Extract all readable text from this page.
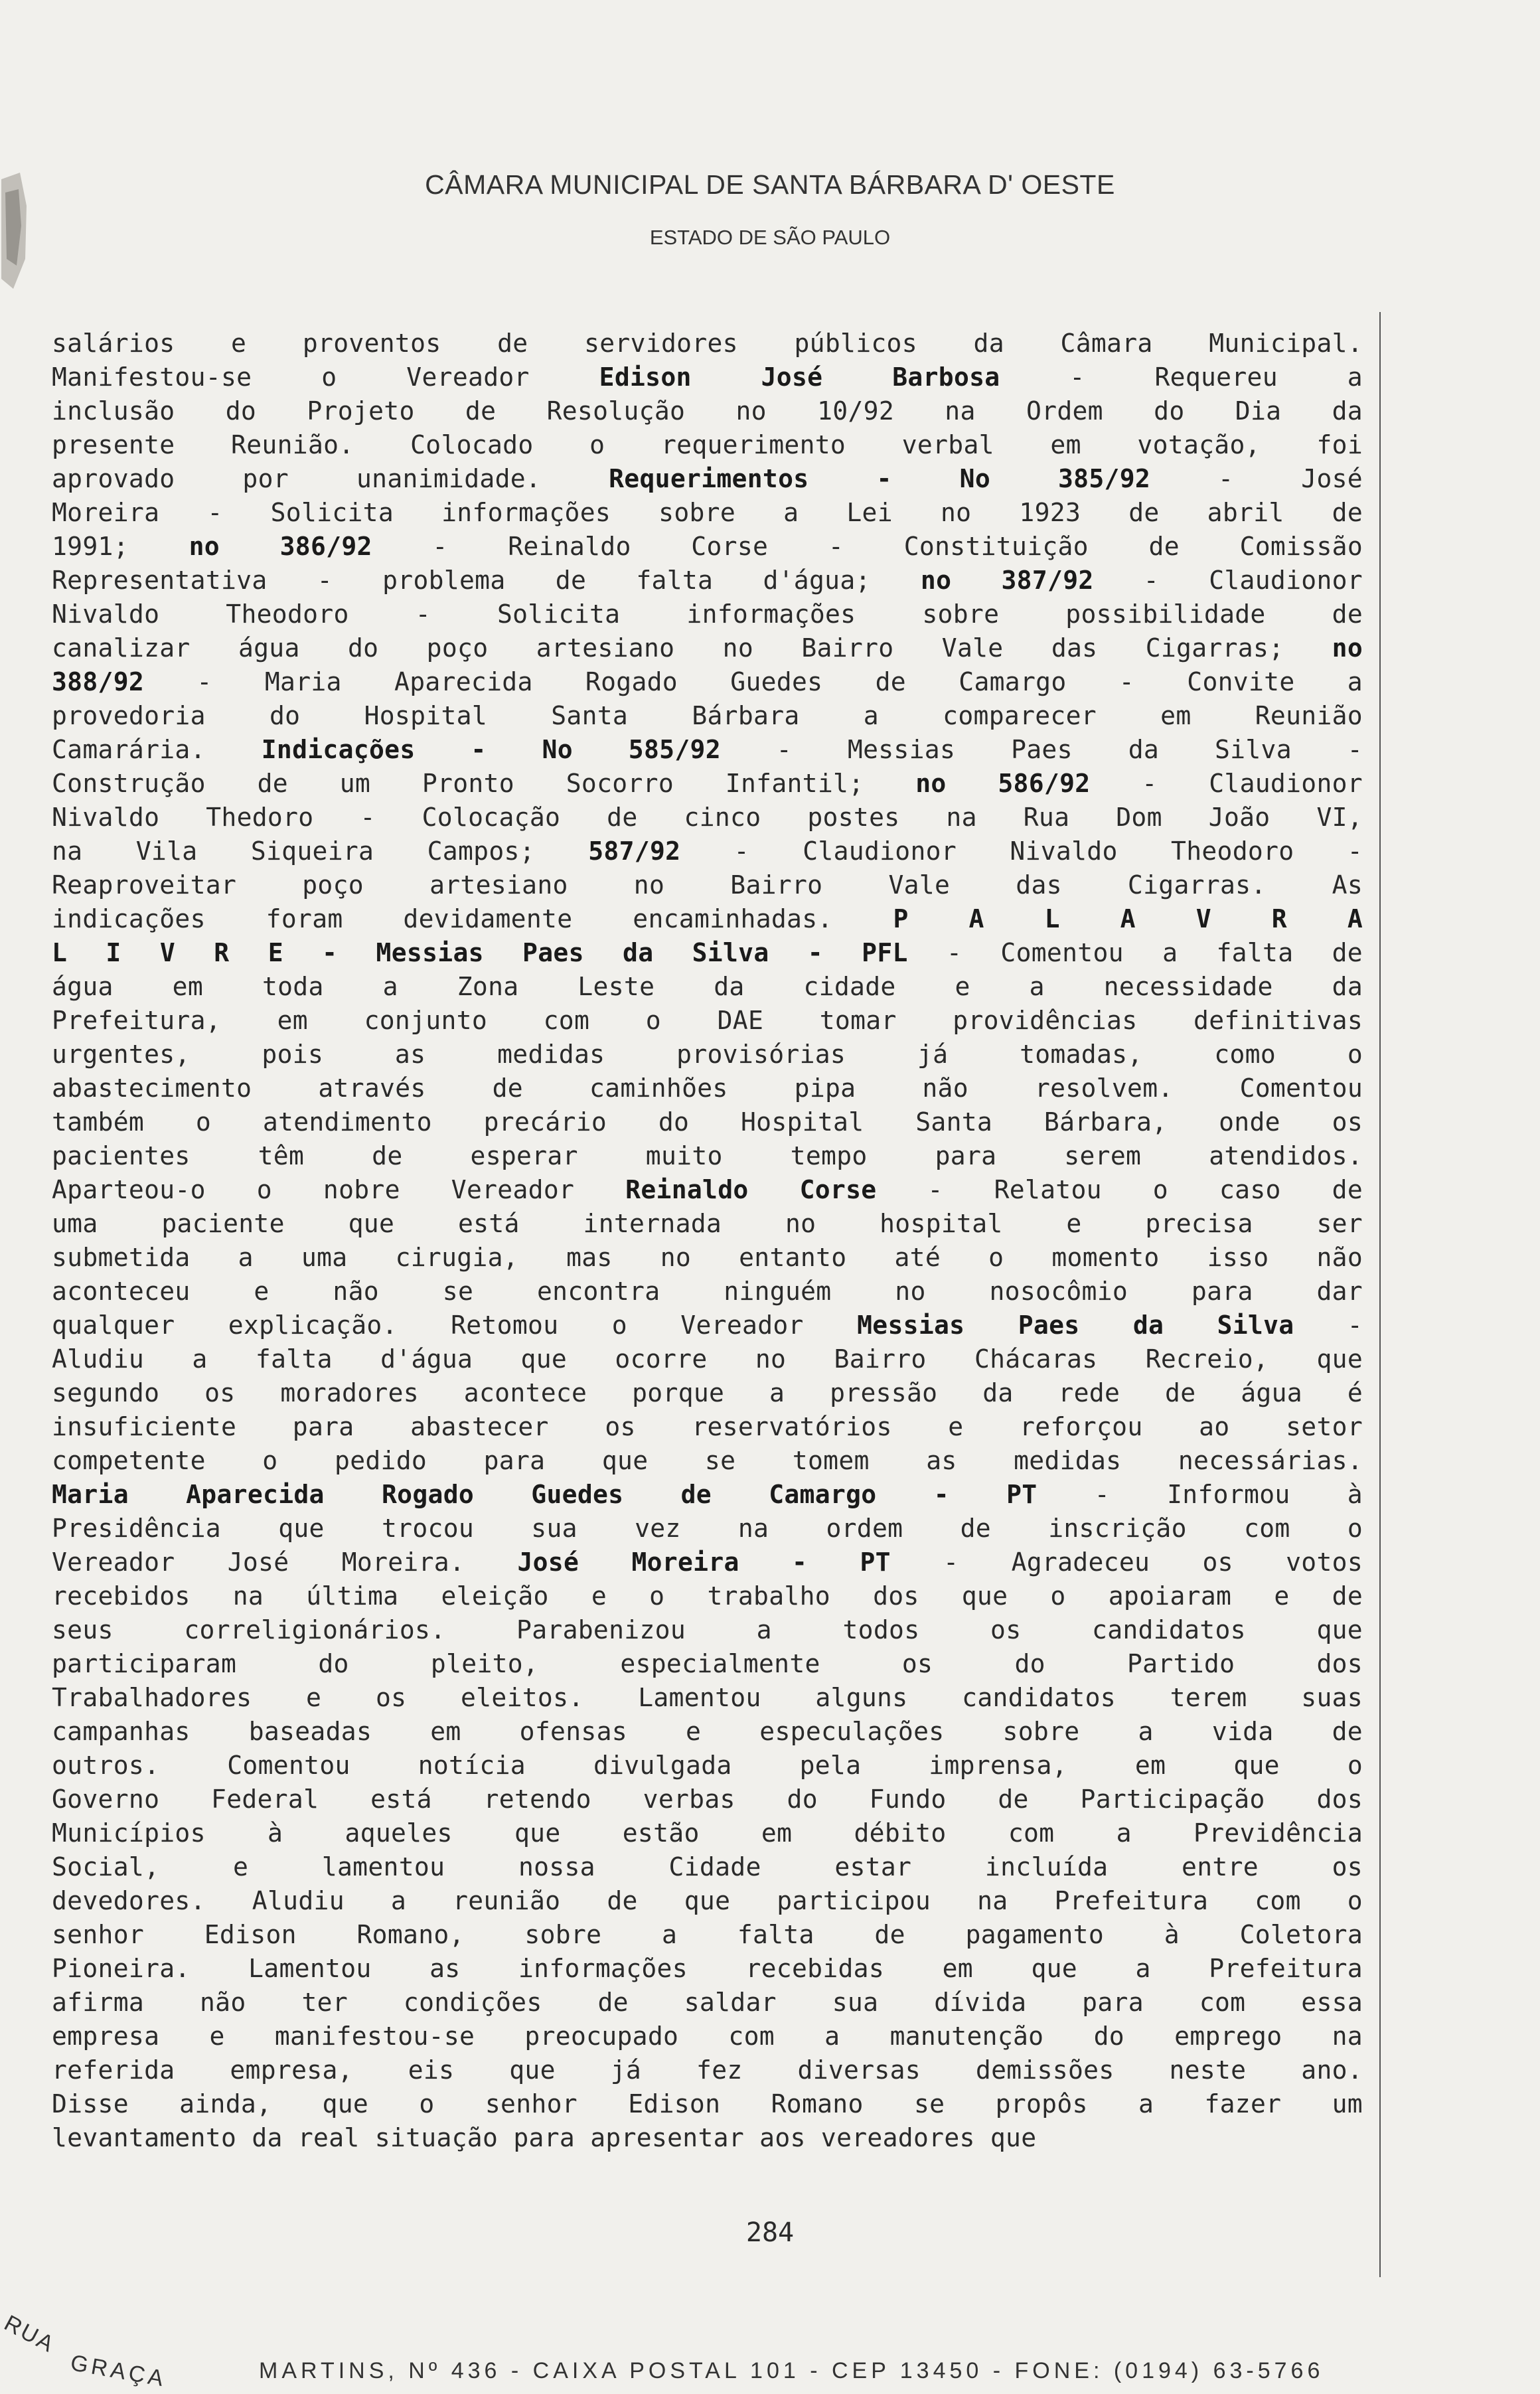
CÂMARA MUNICIPAL DE SANTA BÁRBARA D' OESTE
ESTADO DE SÃO PAULO
salários e proventos de servidores públicos da Câmara Municipal.
Manifestou-se o Vereador Edison José Barbosa - Requereu a
inclusão do Projeto de Resolução no 10/92 na Ordem do Dia da
presente Reunião. Colocado o requerimento verbal em votação, foi
aprovado por unanimidade. Requerimentos - No 385/92 - José
Moreira - Solicita informações sobre a Lei no 1923 de abril de
1991; no 386/92 - Reinaldo Corse - Constituição de Comissão
Representativa - problema de falta d'água; no 387/92 - Claudionor
Nivaldo Theodoro - Solicita informações sobre possibilidade de
canalizar água do poço artesiano no Bairro Vale das Cigarras; no
388/92 - Maria Aparecida Rogado Guedes de Camargo - Convite a
provedoria do Hospital Santa Bárbara a comparecer em Reunião
Camarária. Indicações - No 585/92 - Messias Paes da Silva -
Construção de um Pronto Socorro Infantil; no 586/92 - Claudionor
Nivaldo Thedoro - Colocação de cinco postes na Rua Dom João VI,
na Vila Siqueira Campos; 587/92 - Claudionor Nivaldo Theodoro -
Reaproveitar poço artesiano no Bairro Vale das Cigarras. As
indicações foram devidamente encaminhadas. P A L A V R A
L I V R E - Messias Paes da Silva - PFL - Comentou a falta de
água em toda a Zona Leste da cidade e a necessidade da
Prefeitura, em conjunto com o DAE tomar providências definitivas
urgentes, pois as medidas provisórias já tomadas, como o
abastecimento através de caminhões pipa não resolvem. Comentou
também o atendimento precário do Hospital Santa Bárbara, onde os
pacientes têm de esperar muito tempo para serem atendidos.
Aparteou-o o nobre Vereador Reinaldo Corse - Relatou o caso de
uma paciente que está internada no hospital e precisa ser
submetida a uma cirugia, mas no entanto até o momento isso não
aconteceu e não se encontra ninguém no nosocômio para dar
qualquer explicação. Retomou o Vereador Messias Paes da Silva -
Aludiu a falta d'água que ocorre no Bairro Chácaras Recreio, que
segundo os moradores acontece porque a pressão da rede de água é
insuficiente para abastecer os reservatórios e reforçou ao setor
competente o pedido para que se tomem as medidas necessárias.
Maria Aparecida Rogado Guedes de Camargo - PT - Informou à
Presidência que trocou sua vez na ordem de inscrição com o
Vereador José Moreira. José Moreira - PT - Agradeceu os votos
recebidos na última eleição e o trabalho dos que o apoiaram e de
seus correligionários. Parabenizou a todos os candidatos que
participaram do pleito, especialmente os do Partido dos
Trabalhadores e os eleitos. Lamentou alguns candidatos terem suas
campanhas baseadas em ofensas e especulações sobre a vida de
outros. Comentou notícia divulgada pela imprensa, em que o
Governo Federal está retendo verbas do Fundo de Participação dos
Municípios à aqueles que estão em débito com a Previdência
Social, e lamentou nossa Cidade estar incluída entre os
devedores. Aludiu a reunião de que participou na Prefeitura com o
senhor Edison Romano, sobre a falta de pagamento à Coletora
Pioneira. Lamentou as informações recebidas em que a Prefeitura
afirma não ter condições de saldar sua dívida para com essa
empresa e manifestou-se preocupado com a manutenção do emprego na
referida empresa, eis que já fez diversas demissões neste ano.
Disse ainda, que o senhor Edison Romano se propôs a fazer um
levantamento da real situação para apresentar aos vereadores que
284
RUA
GRAÇA	MARTINS, Nº 436 - CAIXA POSTAL 101 - CEP 13450 - FONE: (0194) 63-5766
